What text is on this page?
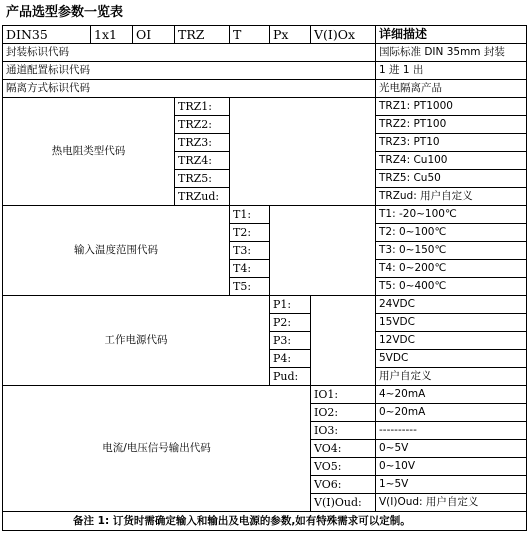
产品选型参数一览表
DIN35	1x1	OI	TRZ	T	Px	V(I)Ox	详细描述
封装标识代码							国际标准 DIN 35mm 封装
通道配置标识代码							1 进 1 出
隔离方式标识代码							光电隔离产品
热电阻类型代码			TRZ1:				TRZ1: PT1000
			TRZ2:				TRZ2: PT100
			TRZ3:				TRZ3: PT10
			TRZ4:				TRZ4: Cu100
			TRZ5:				TRZ5: Cu50
			TRZud:				TRZud: 用户自定义
输入温度范围代码				T1:			T1: -20~100℃
				T2:			T2: 0~100℃
				T3:			T3: 0~150℃
				T4:			T4: 0~200℃
				T5:			T5: 0~400℃
工作电源代码					P1:		24VDC
					P2:		15VDC
					P3:		12VDC
					P4:		5VDC
					Pud:		用户自定义
电流/电压信号输出代码						IO1:	4~20mA
						IO2:	0~20mA
						IO3:	----------
						VO4:	0~5V
						VO5:	0~10V
						VO6:	1~5V
						V(I)Oud:	V(I)Oud: 用户自定义
备注 1: 订货时需确定输入和输出及电源的参数,如有特殊需求可以定制。							
